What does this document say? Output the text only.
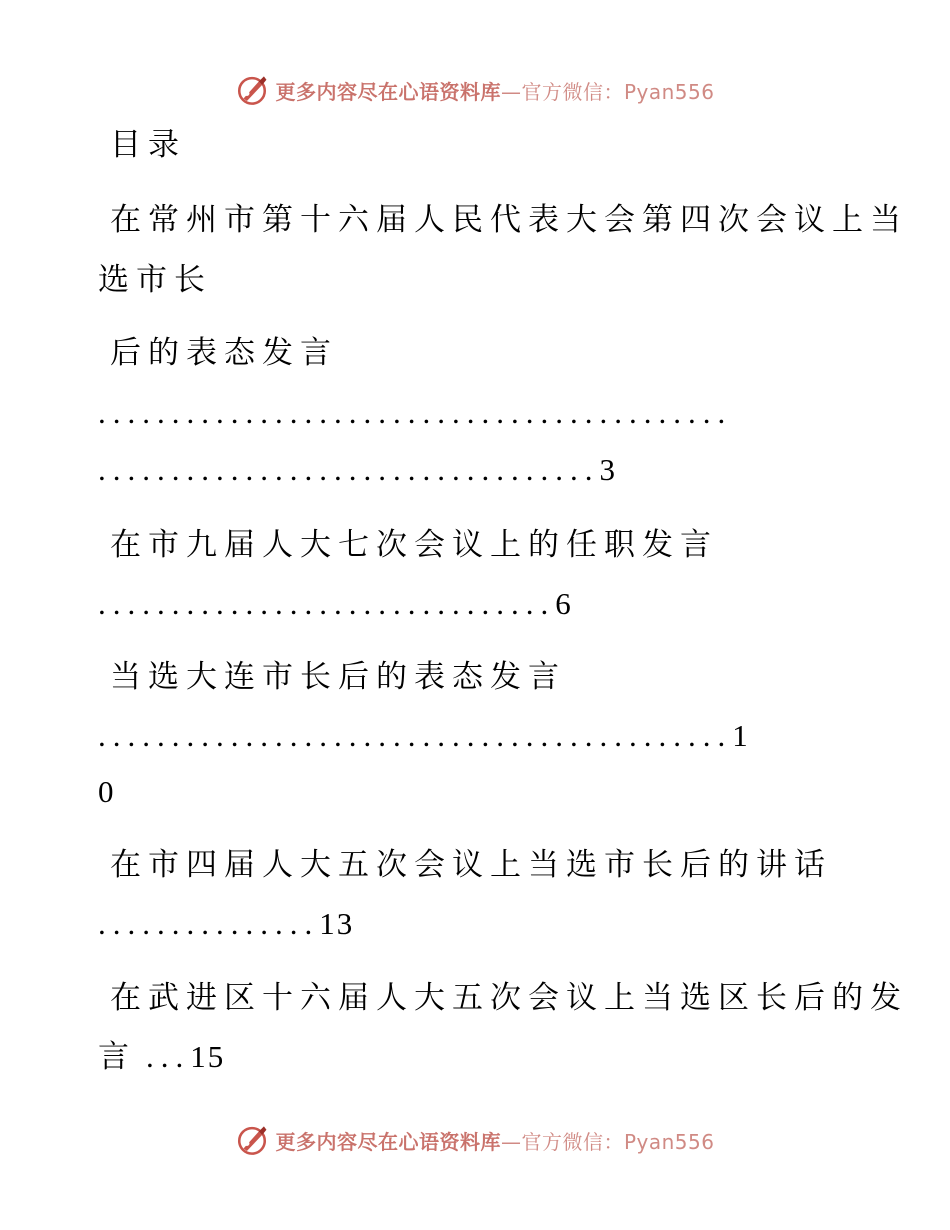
更多内容尽在心语资料库—官方微信：Pyan556
目录
在常州市第十六届人民代表大会第四次会议上当
选市长
后的表态发言
...........................................
..................................3
在市九届人大七次会议上的任职发言
...............................6
当选大连市长后的表态发言
...........................................1
0
在市四届人大五次会议上当选市长后的讲话
...............13
在武进区十六届人大五次会议上当选区长后的发
言 ...15
更多内容尽在心语资料库—官方微信：Pyan556
